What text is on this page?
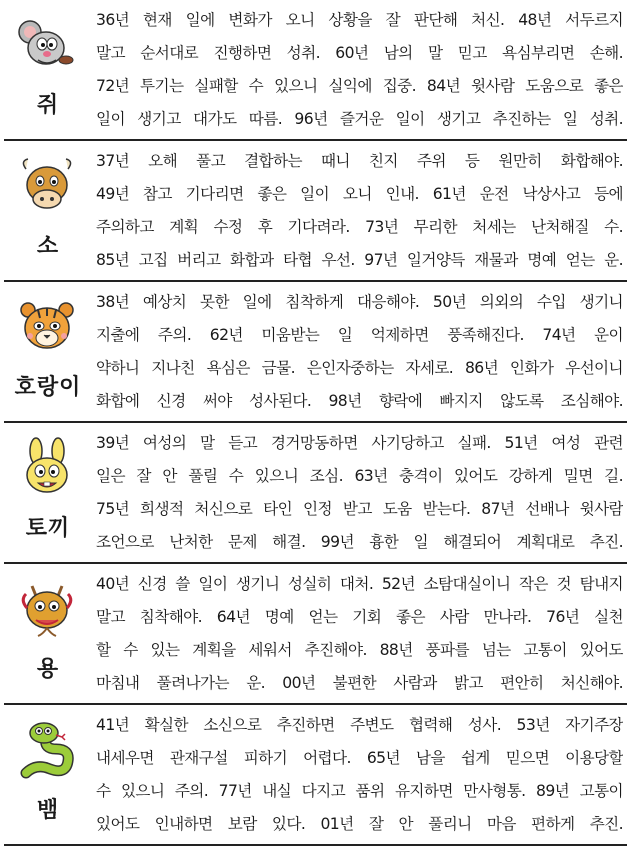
쥐
36년 현재 일에 변화가 오니 상황을 잘 판단해 처신. 48년 서두르지
말고 순서대로 진행하면 성취. 60년 남의 말 믿고 욕심부리면 손해.
72년 투기는 실패할 수 있으니 실익에 집중. 84년 윗사람 도움으로 좋은
일이 생기고 대가도 따름. 96년 즐거운 일이 생기고 추진하는 일 성취.
소
37년 오해 풀고 결합하는 때니 친지 주위 등 원만히 화합해야.
49년 참고 기다리면 좋은 일이 오니 인내. 61년 운전 낙상사고 등에
주의하고 계획 수정 후 기다려라. 73년 무리한 처세는 난처해질 수.
85년 고집 버리고 화합과 타협 우선. 97년 일거양득 재물과 명예 얻는 운.
호랑이
38년 예상치 못한 일에 침착하게 대응해야. 50년 의외의 수입 생기니
지출에 주의. 62년 미움받는 일 억제하면 풍족해진다. 74년 운이
약하니 지나친 욕심은 금물. 은인자중하는 자세로. 86년 인화가 우선이니
화합에 신경 써야 성사된다. 98년 향락에 빠지지 않도록 조심해야.
토끼
39년 여성의 말 듣고 경거망동하면 사기당하고 실패. 51년 여성 관련
일은 잘 안 풀릴 수 있으니 조심. 63년 충격이 있어도 강하게 밀면 길.
75년 희생적 처신으로 타인 인정 받고 도움 받는다. 87년 선배나 윗사람
조언으로 난처한 문제 해결. 99년 흉한 일 해결되어 계획대로 추진.
용
40년 신경 쓸 일이 생기니 성실히 대처. 52년 소탐대실이니 작은 것 탐내지
말고 침착해야. 64년 명예 얻는 기회 좋은 사람 만나라. 76년 실천
할 수 있는 계획을 세워서 추진해야. 88년 풍파를 넘는 고통이 있어도
마침내 풀려나가는 운. 00년 불편한 사람과 밝고 편안히 처신해야.
뱀
41년 확실한 소신으로 추진하면 주변도 협력해 성사. 53년 자기주장
내세우면 관재구설 피하기 어렵다. 65년 남을 쉽게 믿으면 이용당할
수 있으니 주의. 77년 내실 다지고 품위 유지하면 만사형통. 89년 고통이
있어도 인내하면 보람 있다. 01년 잘 안 풀리니 마음 편하게 추진.
